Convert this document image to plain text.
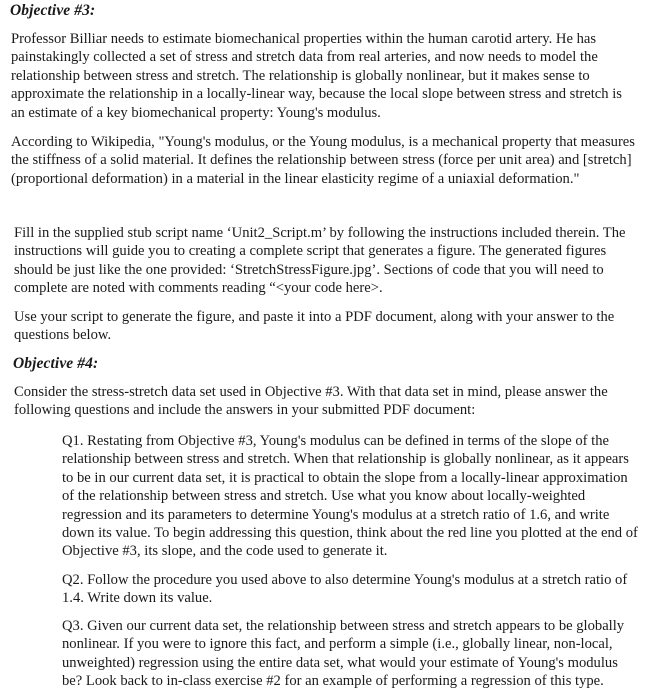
Objective #3:

Professor Billiar needs to estimate biomechanical properties within the human carotid artery. He has painstakingly collected a set of stress and stretch data from real arteries, and now needs to model the relationship between stress and stretch. The relationship is globally nonlinear, but it makes sense to approximate the relationship in a locally-linear way, because the local slope between stress and stretch is an estimate of a key biomechanical property: Young's modulus.

According to Wikipedia, "Young's modulus, or the Young modulus, is a mechanical property that measures the stiffness of a solid material. It defines the relationship between stress (force per unit area) and [stretch] (proportional deformation) in a material in the linear elasticity regime of a uniaxial deformation."

Fill in the supplied stub script name ‘Unit2_Script.m’ by following the instructions included therein. The instructions will guide you to creating a complete script that generates a figure. The generated figures should be just like the one provided: ‘StretchStressFigure.jpg’. Sections of code that you will need to complete are noted with comments reading “<your code here>.

Use your script to generate the figure, and paste it into a PDF document, along with your answer to the questions below.

Objective #4:

Consider the stress-stretch data set used in Objective #3. With that data set in mind, please answer the following questions and include the answers in your submitted PDF document:

Q1. Restating from Objective #3, Young's modulus can be defined in terms of the slope of the relationship between stress and stretch. When that relationship is globally nonlinear, as it appears to be in our current data set, it is practical to obtain the slope from a locally-linear approximation of the relationship between stress and stretch. Use what you know about locally-weighted regression and its parameters to determine Young's modulus at a stretch ratio of 1.6, and write down its value. To begin addressing this question, think about the red line you plotted at the end of Objective #3, its slope, and the code used to generate it.

Q2. Follow the procedure you used above to also determine Young's modulus at a stretch ratio of 1.4. Write down its value.

Q3. Given our current data set, the relationship between stress and stretch appears to be globally nonlinear. If you were to ignore this fact, and perform a simple (i.e., globally linear, non-local, unweighted) regression using the entire data set, what would your estimate of Young's modulus be? Look back to in-class exercise #2 for an example of performing a regression of this type.
